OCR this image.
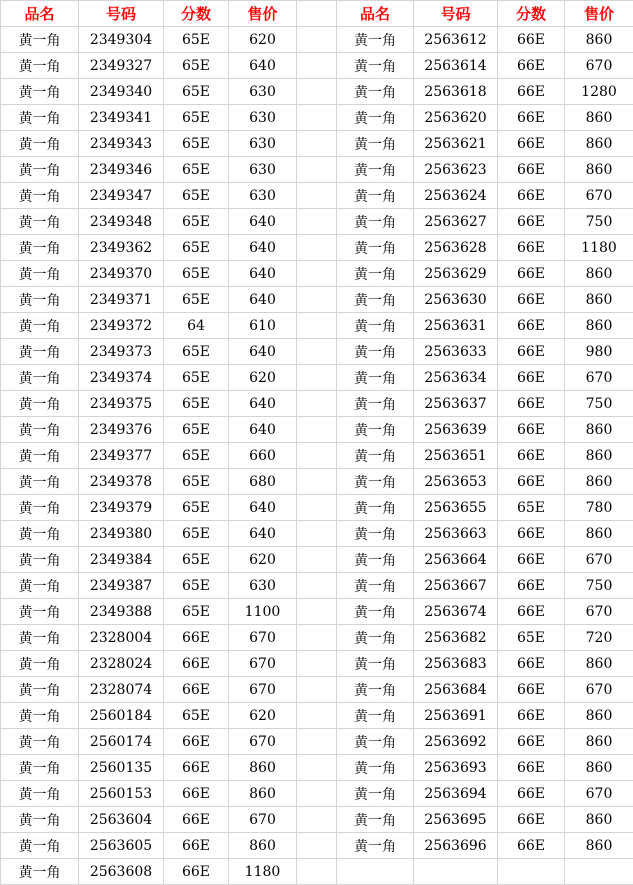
品名	号码	分数	售价		品名	号码	分数	售价
黄一角	2349304	65E	620		黄一角	2563612	66E	860
黄一角	2349327	65E	640		黄一角	2563614	66E	670
黄一角	2349340	65E	630		黄一角	2563618	66E	1280
黄一角	2349341	65E	630		黄一角	2563620	66E	860
黄一角	2349343	65E	630		黄一角	2563621	66E	860
黄一角	2349346	65E	630		黄一角	2563623	66E	860
黄一角	2349347	65E	630		黄一角	2563624	66E	670
黄一角	2349348	65E	640		黄一角	2563627	66E	750
黄一角	2349362	65E	640		黄一角	2563628	66E	1180
黄一角	2349370	65E	640		黄一角	2563629	66E	860
黄一角	2349371	65E	640		黄一角	2563630	66E	860
黄一角	2349372	64	610		黄一角	2563631	66E	860
黄一角	2349373	65E	640		黄一角	2563633	66E	980
黄一角	2349374	65E	620		黄一角	2563634	66E	670
黄一角	2349375	65E	640		黄一角	2563637	66E	750
黄一角	2349376	65E	640		黄一角	2563639	66E	860
黄一角	2349377	65E	660		黄一角	2563651	66E	860
黄一角	2349378	65E	680		黄一角	2563653	66E	860
黄一角	2349379	65E	640		黄一角	2563655	65E	780
黄一角	2349380	65E	640		黄一角	2563663	66E	860
黄一角	2349384	65E	620		黄一角	2563664	66E	670
黄一角	2349387	65E	630		黄一角	2563667	66E	750
黄一角	2349388	65E	1100		黄一角	2563674	66E	670
黄一角	2328004	66E	670		黄一角	2563682	65E	720
黄一角	2328024	66E	670		黄一角	2563683	66E	860
黄一角	2328074	66E	670		黄一角	2563684	66E	670
黄一角	2560184	65E	620		黄一角	2563691	66E	860
黄一角	2560174	66E	670		黄一角	2563692	66E	860
黄一角	2560135	66E	860		黄一角	2563693	66E	860
黄一角	2560153	66E	860		黄一角	2563694	66E	670
黄一角	2563604	66E	670		黄一角	2563695	66E	860
黄一角	2563605	66E	860		黄一角	2563696	66E	860
黄一角	2563608	66E	1180					
